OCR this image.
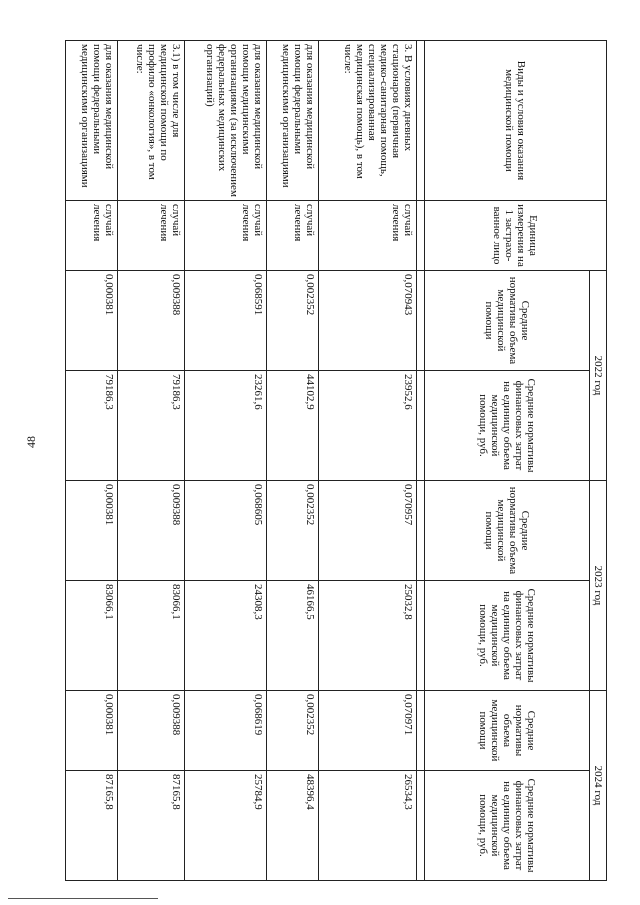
48
Виды и условия оказания медицинской помощи	Единица измерения на 1 застрахо-ванное лицо	2022 год		2023 год		2024 год	
		Средние нормативы объема медицинской помощи	Средние нормативы финансовых затрат на единицу объема медицинской помощи, руб.	Средние нормативы объема медицинской помощи	Средние нормативы финансовых затрат на единицу объема медицинской помощи, руб.	Средние нормативы объема медицинской помощи	Средние нормативы финансовых затрат на единицу объема медицинской помощи, руб.

3. В условиях дневных стационаров (первичная медико-санитарная помощь, специализированная медицинская помощь), в том числе:	случай лечения	0,070943	23952,6	0,070957	25032,8	0,070971	26534,3
для оказания медицинской помощи федеральными медицинскими организациями	случай лечения	0,002352	44102,9	0,002352	46166,5	0,002352	48396,4
для оказания медицинской помощи медицинскими организациями (за исключением федеральных медицинских организаций)	случай лечения	0,068591	23261,6	0,068605	24308,3	0,068619	25784,9
3.1) в том числе для медицинской помощи по профилю «онкология», в том числе:	случай лечения	0,009388	79186,3	0,009388	83066,1	0,009388	87165,8
для оказания медицинской помощи федеральными медицинскими организациями	случай лечения	0,000381	79186,3	0,000381	83066,1	0,000381	87165,8
